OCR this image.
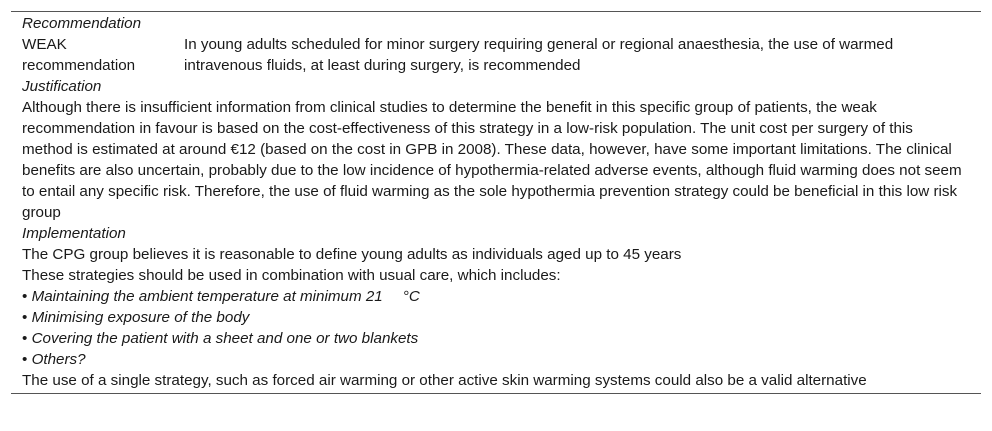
Recommendation
WEAK recommendation
In young adults scheduled for minor surgery requiring general or regional anaesthesia, the use of warmed intravenous fluids, at least during surgery, is recommended
Justification
Although there is insufficient information from clinical studies to determine the benefit in this specific group of patients, the weak recommendation in favour is based on the cost-effectiveness of this strategy in a low-risk population. The unit cost per surgery of this method is estimated at around €12 (based on the cost in GPB in 2008). These data, however, have some important limitations. The clinical benefits are also uncertain, probably due to the low incidence of hypothermia-related adverse events, although fluid warming does not seem to entail any specific risk. Therefore, the use of fluid warming as the sole hypothermia prevention strategy could be beneficial in this low risk group
Implementation
The CPG group believes it is reasonable to define young adults as individuals aged up to 45 years
These strategies should be used in combination with usual care, which includes:
• Maintaining the ambient temperature at minimum 21 °C
• Minimising exposure of the body
• Covering the patient with a sheet and one or two blankets
• Others?
The use of a single strategy, such as forced air warming or other active skin warming systems could also be a valid alternative
